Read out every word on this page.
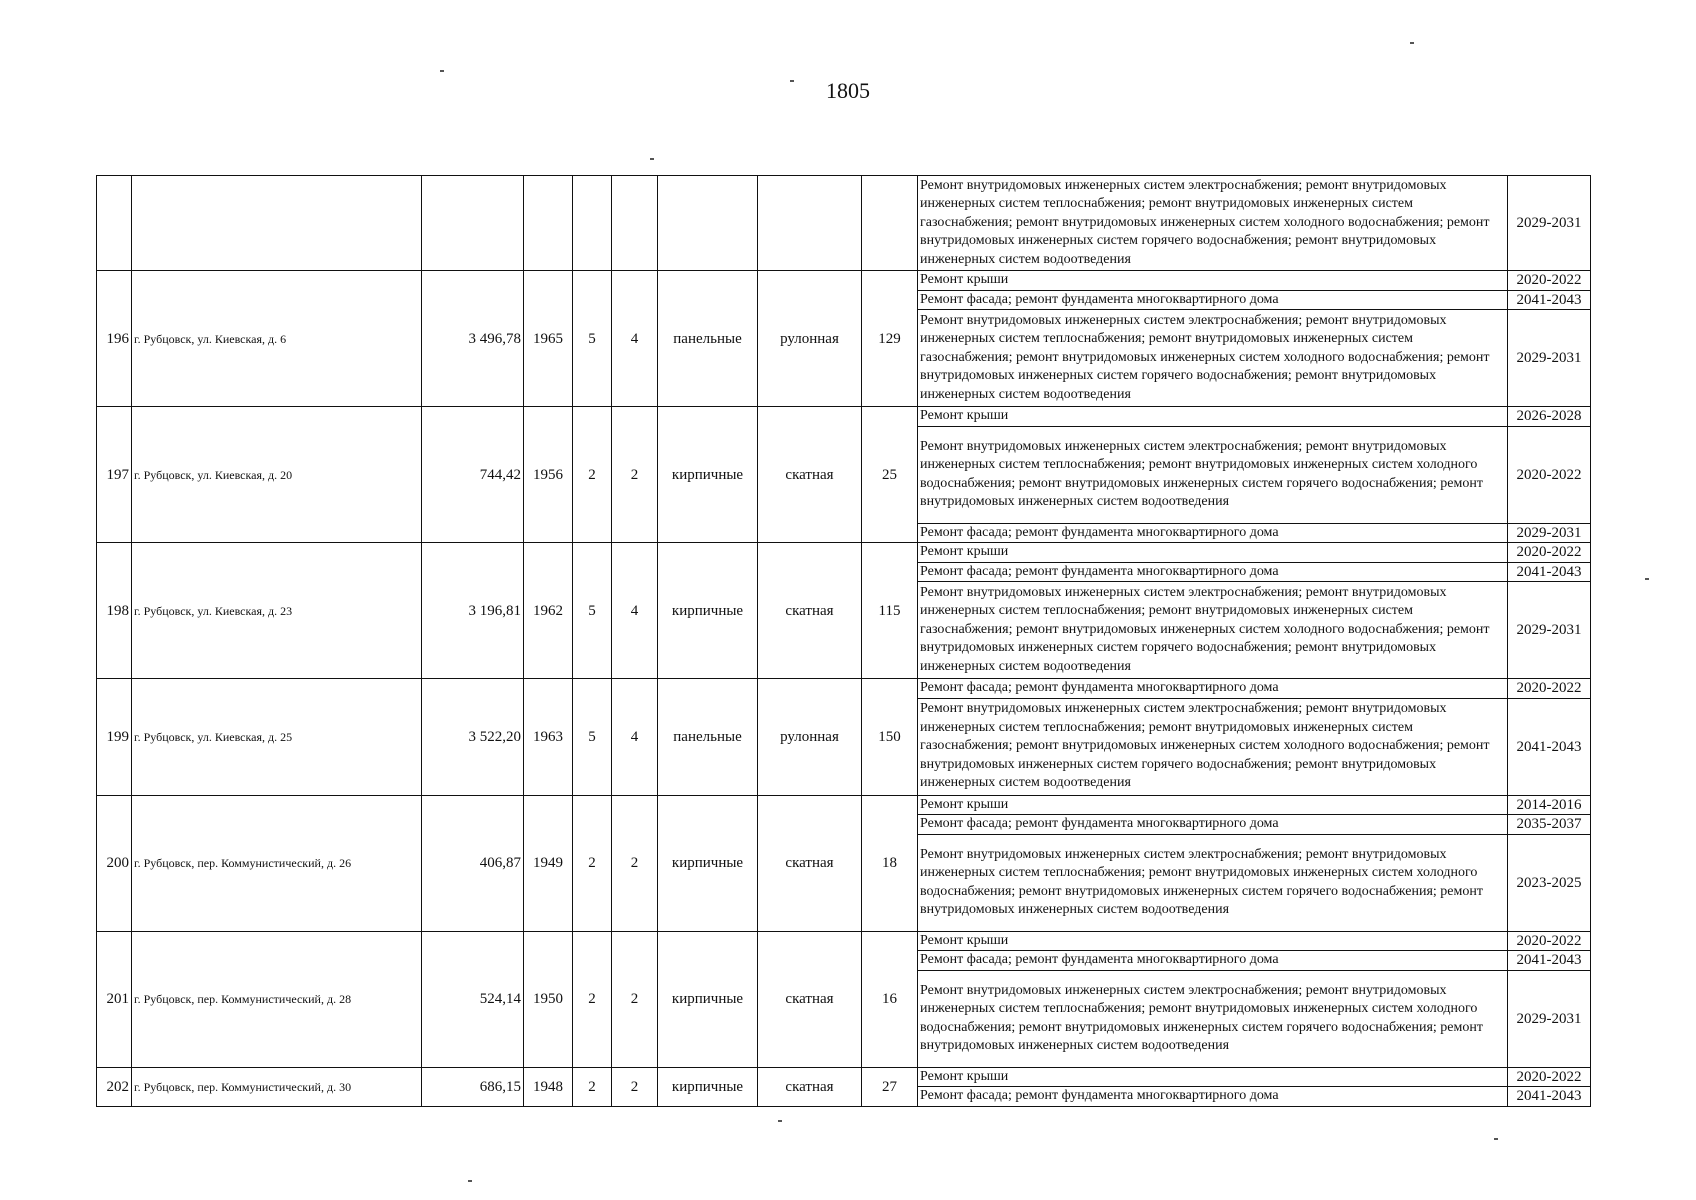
1805
									Ремонт внутридомовых инженерных систем электроснабжения; ремонт внутридомовых инженерных систем теплоснабжения; ремонт внутридомовых инженерных систем газоснабжения; ремонт внутридомовых инженерных систем холодного водоснабжения; ремонт внутридомовых инженерных систем горячего водоснабжения; ремонт внутридомовых инженерных систем водоотведения	2029-2031
196	г. Рубцовск, ул. Киевская, д. 6	3 496,78	1965	5	4	панельные	рулонная	129	Ремонт крыши	2020-2022
									Ремонт фасада; ремонт фундамента многоквартирного дома	2041-2043
									Ремонт внутридомовых инженерных систем электроснабжения; ремонт внутридомовых инженерных систем теплоснабжения; ремонт внутридомовых инженерных систем газоснабжения; ремонт внутридомовых инженерных систем холодного водоснабжения; ремонт внутридомовых инженерных систем горячего водоснабжения; ремонт внутридомовых инженерных систем водоотведения	2029-2031
197	г. Рубцовск, ул. Киевская, д. 20	744,42	1956	2	2	кирпичные	скатная	25	Ремонт крыши	2026-2028
									Ремонт внутридомовых инженерных систем электроснабжения; ремонт внутридомовых инженерных систем теплоснабжения; ремонт внутридомовых инженерных систем холодного водоснабжения; ремонт внутридомовых инженерных систем горячего водоснабжения; ремонт внутридомовых инженерных систем водоотведения	2020-2022
									Ремонт фасада; ремонт фундамента многоквартирного дома	2029-2031
198	г. Рубцовск, ул. Киевская, д. 23	3 196,81	1962	5	4	кирпичные	скатная	115	Ремонт крыши	2020-2022
									Ремонт фасада; ремонт фундамента многоквартирного дома	2041-2043
									Ремонт внутридомовых инженерных систем электроснабжения; ремонт внутридомовых инженерных систем теплоснабжения; ремонт внутридомовых инженерных систем газоснабжения; ремонт внутридомовых инженерных систем холодного водоснабжения; ремонт внутридомовых инженерных систем горячего водоснабжения; ремонт внутридомовых инженерных систем водоотведения	2029-2031
199	г. Рубцовск, ул. Киевская, д. 25	3 522,20	1963	5	4	панельные	рулонная	150	Ремонт фасада; ремонт фундамента многоквартирного дома	2020-2022
									Ремонт внутридомовых инженерных систем электроснабжения; ремонт внутридомовых инженерных систем теплоснабжения; ремонт внутридомовых инженерных систем газоснабжения; ремонт внутридомовых инженерных систем холодного водоснабжения; ремонт внутридомовых инженерных систем горячего водоснабжения; ремонт внутридомовых инженерных систем водоотведения	2041-2043
200	г. Рубцовск, пер. Коммунистический, д. 26	406,87	1949	2	2	кирпичные	скатная	18	Ремонт крыши	2014-2016
									Ремонт фасада; ремонт фундамента многоквартирного дома	2035-2037
									Ремонт внутридомовых инженерных систем электроснабжения; ремонт внутридомовых инженерных систем теплоснабжения; ремонт внутридомовых инженерных систем холодного водоснабжения; ремонт внутридомовых инженерных систем горячего водоснабжения; ремонт внутридомовых инженерных систем водоотведения	2023-2025
201	г. Рубцовск, пер. Коммунистический, д. 28	524,14	1950	2	2	кирпичные	скатная	16	Ремонт крыши	2020-2022
									Ремонт фасада; ремонт фундамента многоквартирного дома	2041-2043
									Ремонт внутридомовых инженерных систем электроснабжения; ремонт внутридомовых инженерных систем теплоснабжения; ремонт внутридомовых инженерных систем холодного водоснабжения; ремонт внутридомовых инженерных систем горячего водоснабжения; ремонт внутридомовых инженерных систем водоотведения	2029-2031
202	г. Рубцовск, пер. Коммунистический, д. 30	686,15	1948	2	2	кирпичные	скатная	27	Ремонт крыши	2020-2022
									Ремонт фасада; ремонт фундамента многоквартирного дома	2041-2043
